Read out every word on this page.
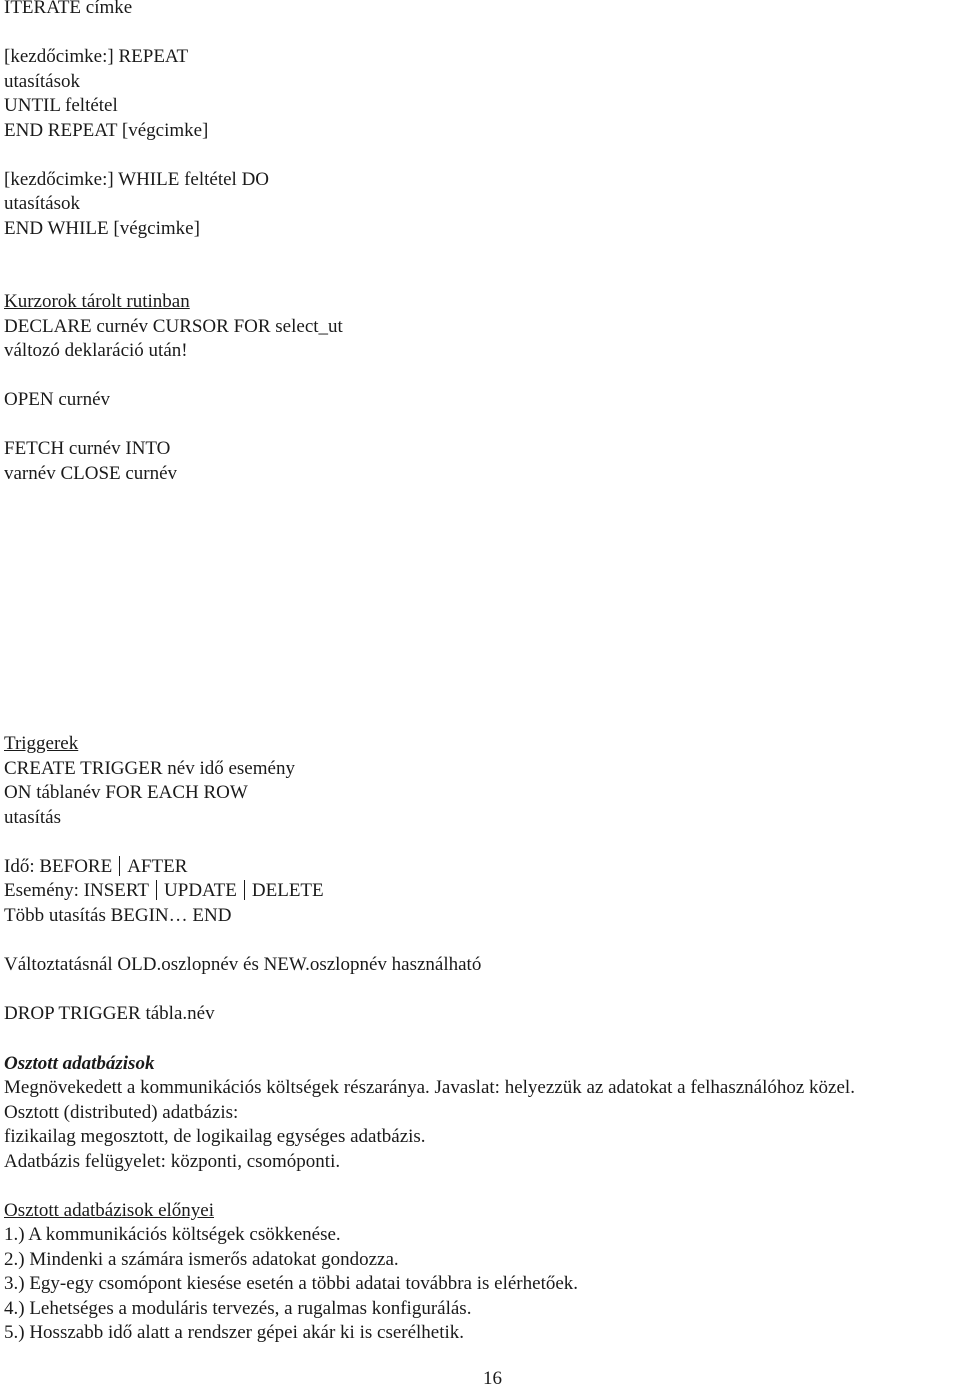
ITERATE címke
[kezdőcimke:] REPEAT
utasítások
UNTIL feltétel
END REPEAT [végcimke]
[kezdőcimke:] WHILE feltétel DO
utasítások
END WHILE [végcimke]
Kurzorok tárolt rutinban
DECLARE curnév CURSOR FOR select_ut
változó deklaráció után!
OPEN curnév
FETCH curnév INTO
varnév CLOSE curnév
Triggerek
CREATE TRIGGER név idő esemény
ON táblanév FOR EACH ROW
utasítás
Idő: BEFORE AFTER
Esemény: INSERT UPDATE DELETE
Több utasítás BEGIN… END
Változtatásnál OLD.oszlopnév és NEW.oszlopnév használható
DROP TRIGGER tábla.név
Osztott adatbázisok
Megnövekedett a kommunikációs költségek részaránya. Javaslat: helyezzük az adatokat a felhasználóhoz közel.
Osztott (distributed) adatbázis:
fizikailag megosztott, de logikailag egységes adatbázis.
Adatbázis felügyelet: központi, csomóponti.
Osztott adatbázisok előnyei
1.) A kommunikációs költségek csökkenése.
2.) Mindenki a számára ismerős adatokat gondozza.
3.) Egy-egy csomópont kiesése esetén a többi adatai továbbra is elérhetőek.
4.) Lehetséges a moduláris tervezés, a rugalmas konfigurálás.
5.) Hosszabb idő alatt a rendszer gépei akár ki is cserélhetik.
16
